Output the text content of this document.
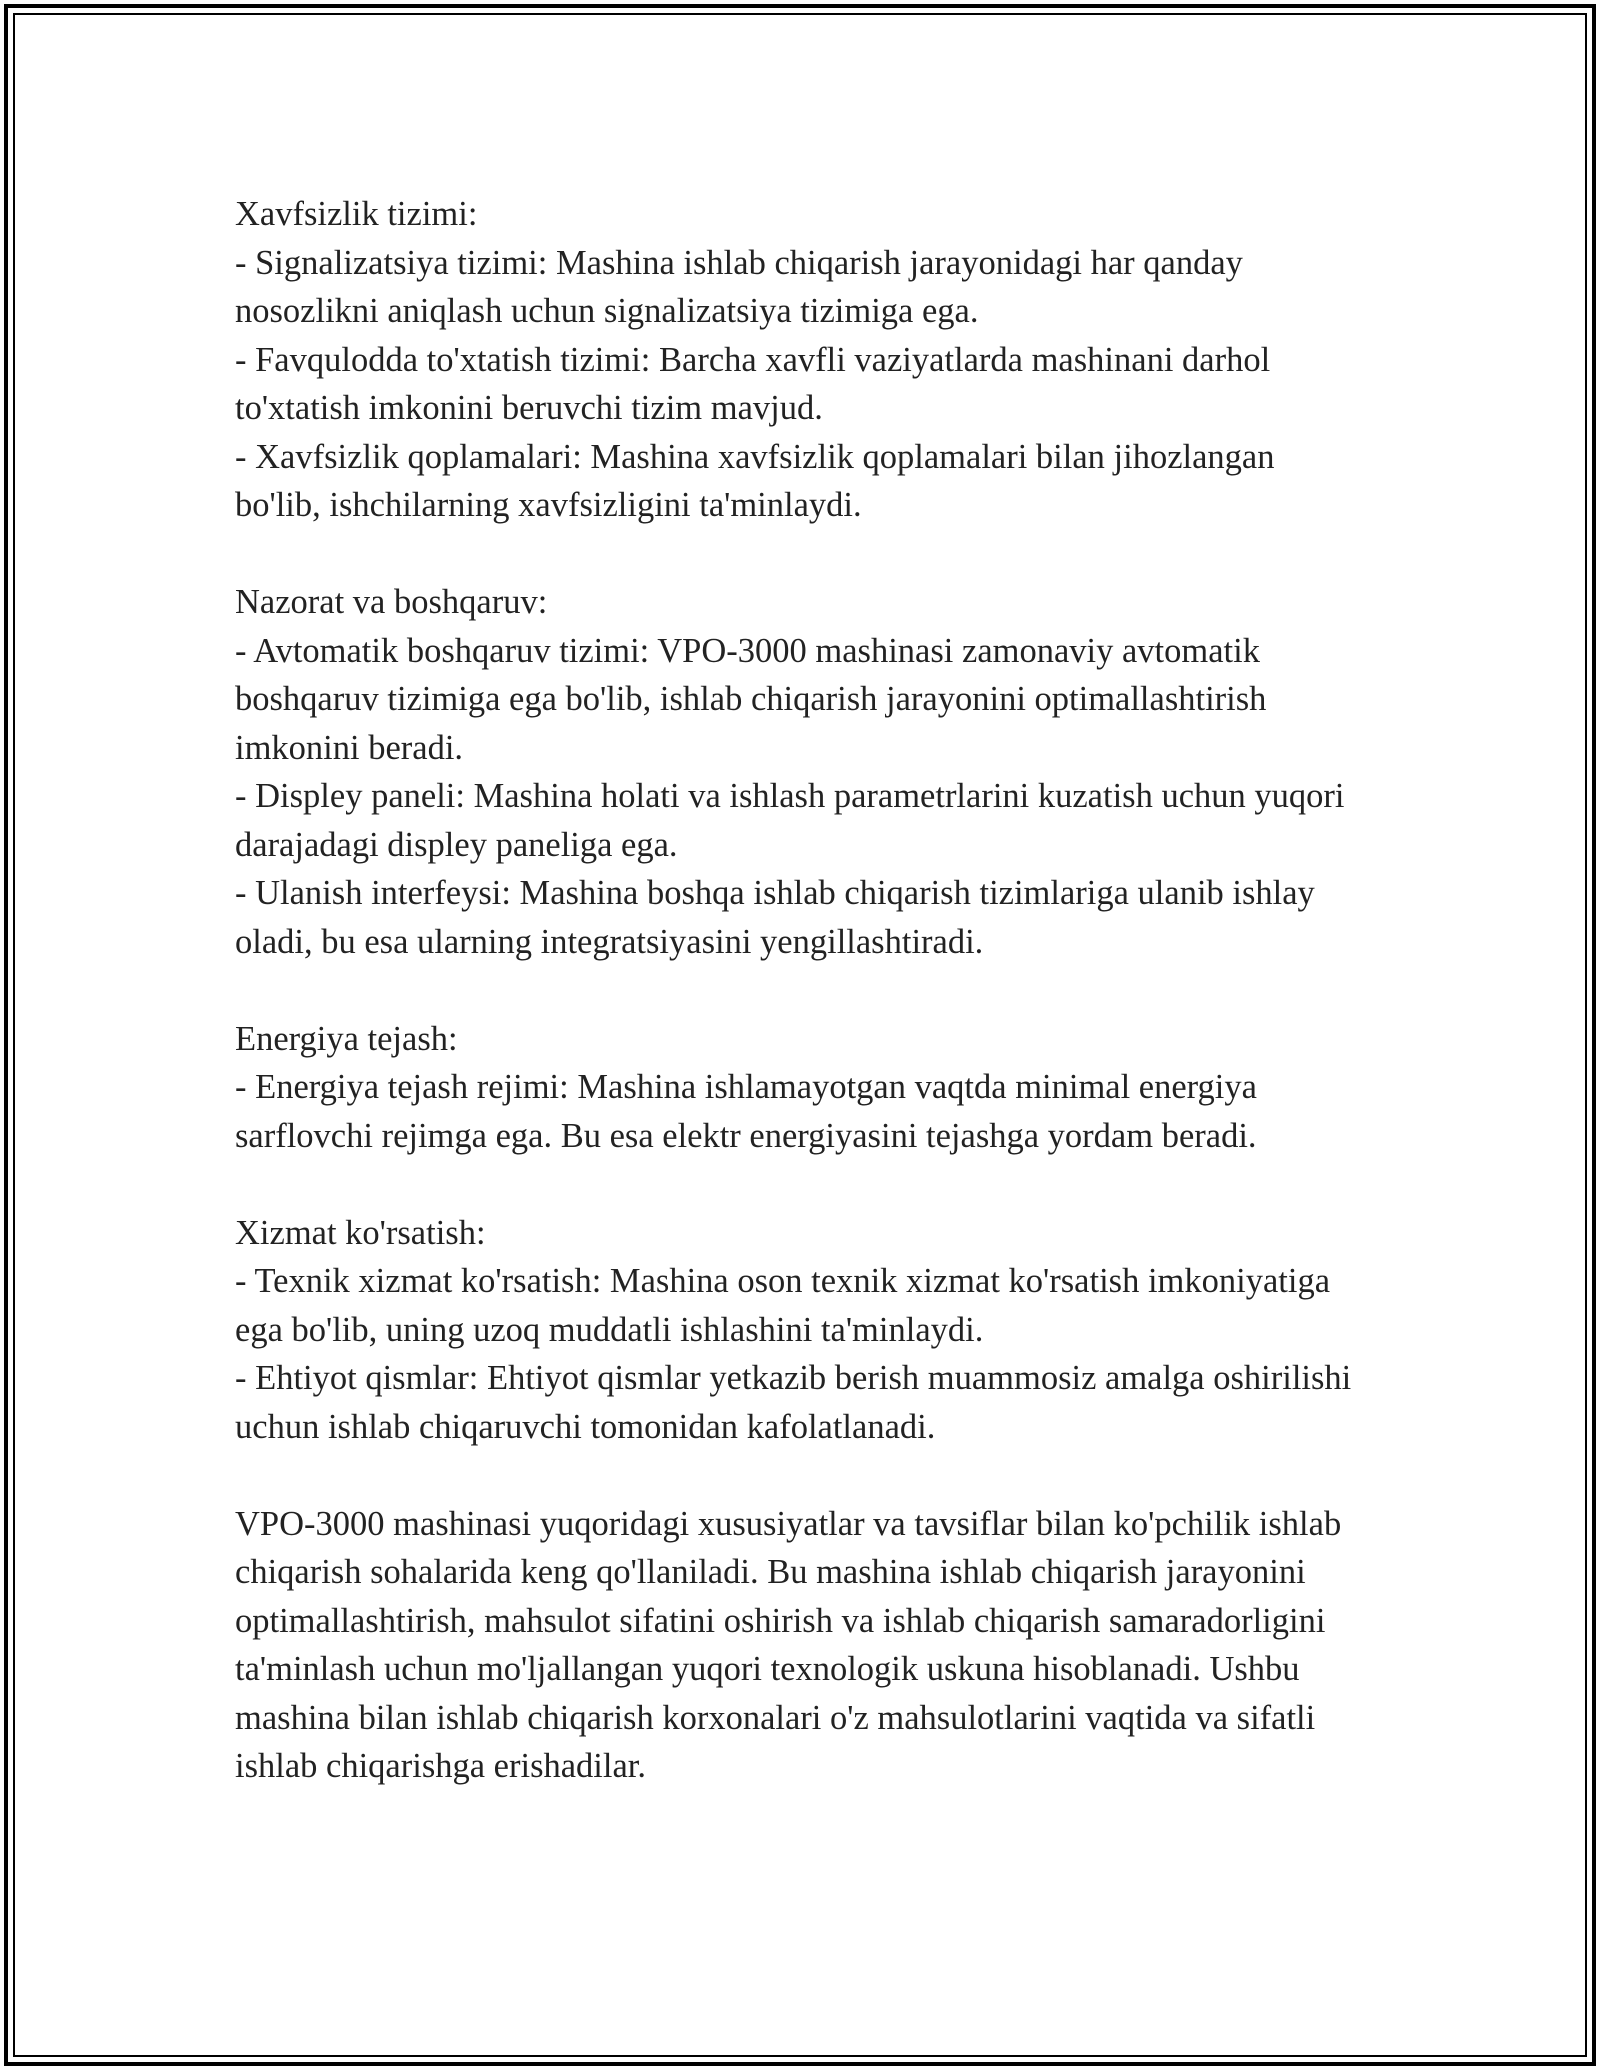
Xavfsizlik tizimi:

- Signalizatsiya tizimi: Mashina ishlab chiqarish jarayonidagi har qanday nosozlikni aniqlash uchun signalizatsiya tizimiga ega.

- Favqulodda to'xtatish tizimi: Barcha xavfli vaziyatlarda mashinani darhol to'xtatish imkonini beruvchi tizim mavjud.

- Xavfsizlik qoplamalari: Mashina xavfsizlik qoplamalari bilan jihozlangan bo'lib, ishchilarning xavfsizligini ta'minlaydi.

Nazorat va boshqaruv:

- Avtomatik boshqaruv tizimi: VPO-3000 mashinasi zamonaviy avtomatik boshqaruv tizimiga ega bo'lib, ishlab chiqarish jarayonini optimallashtirish imkonini beradi.

- Displey paneli: Mashina holati va ishlash parametrlarini kuzatish uchun yuqori darajadagi displey paneliga ega.

- Ulanish interfeysi: Mashina boshqa ishlab chiqarish tizimlariga ulanib ishlay oladi, bu esa ularning integratsiyasini yengillashtiradi.

Energiya tejash:

- Energiya tejash rejimi: Mashina ishlamayotgan vaqtda minimal energiya sarflovchi rejimga ega. Bu esa elektr energiyasini tejashga yordam beradi.

Xizmat ko'rsatish:

- Texnik xizmat ko'rsatish: Mashina oson texnik xizmat ko'rsatish imkoniyatiga ega bo'lib, uning uzoq muddatli ishlashini ta'minlaydi.

- Ehtiyot qismlar: Ehtiyot qismlar yetkazib berish muammosiz amalga oshirilishi uchun ishlab chiqaruvchi tomonidan kafolatlanadi.

VPO-3000 mashinasi yuqoridagi xususiyatlar va tavsiflar bilan ko'pchilik ishlab chiqarish sohalarida keng qo'llaniladi. Bu mashina ishlab chiqarish jarayonini optimallashtirish, mahsulot sifatini oshirish va ishlab chiqarish samaradorligini ta'minlash uchun mo'ljallangan yuqori texnologik uskuna hisoblanadi. Ushbu mashina bilan ishlab chiqarish korxonalari o'z mahsulotlarini vaqtida va sifatli ishlab chiqarishga erishadilar.
